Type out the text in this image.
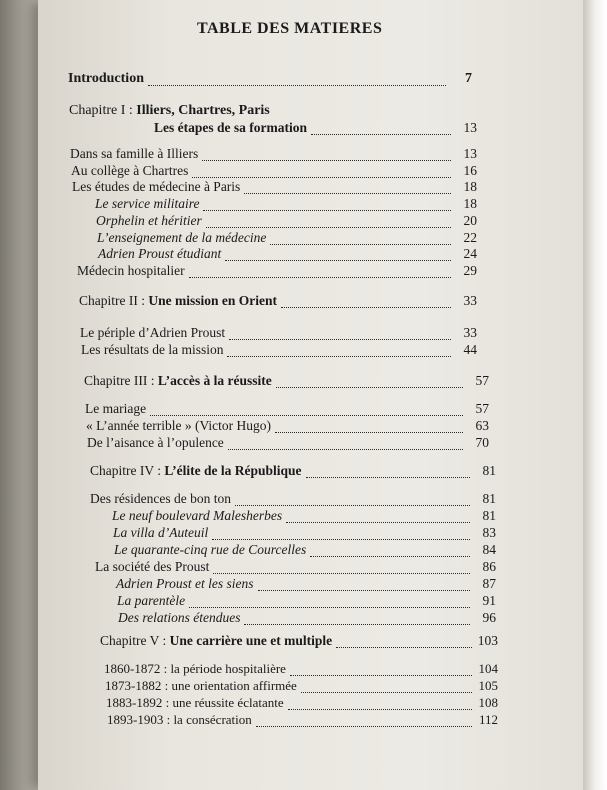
TABLE DES MATIERES
Introduction	7
Chapitre I : Illiers, Chartres, Paris
Les étapes de sa formation	13
Dans sa famille à Illiers	13
Au collège à Chartres	16
Les études de médecine à Paris	18
Le service militaire	18
Orphelin et héritier	20
L’enseignement de la médecine	22
Adrien Proust étudiant	24
Médecin hospitalier	29
Chapitre II : Une mission en Orient	33
Le périple d’Adrien Proust	33
Les résultats de la mission	44
Chapitre III : L’accès à la réussite	57
Le mariage	57
« L’année terrible » (Victor Hugo)	63
De l’aisance à l’opulence	70
Chapitre IV : L’élite de la République	81
Des résidences de bon ton	81
Le neuf boulevard Malesherbes	81
La villa d’Auteuil	83
Le quarante-cinq rue de Courcelles	84
La société des Proust	86
Adrien Proust et les siens	87
La parentèle	91
Des relations étendues	96
Chapitre V : Une carrière une et multiple	103
1860-1872 : la période hospitalière	104
1873-1882 : une orientation affirmée	105
1883-1892 : une réussite éclatante	108
1893-1903 : la consécration	112
